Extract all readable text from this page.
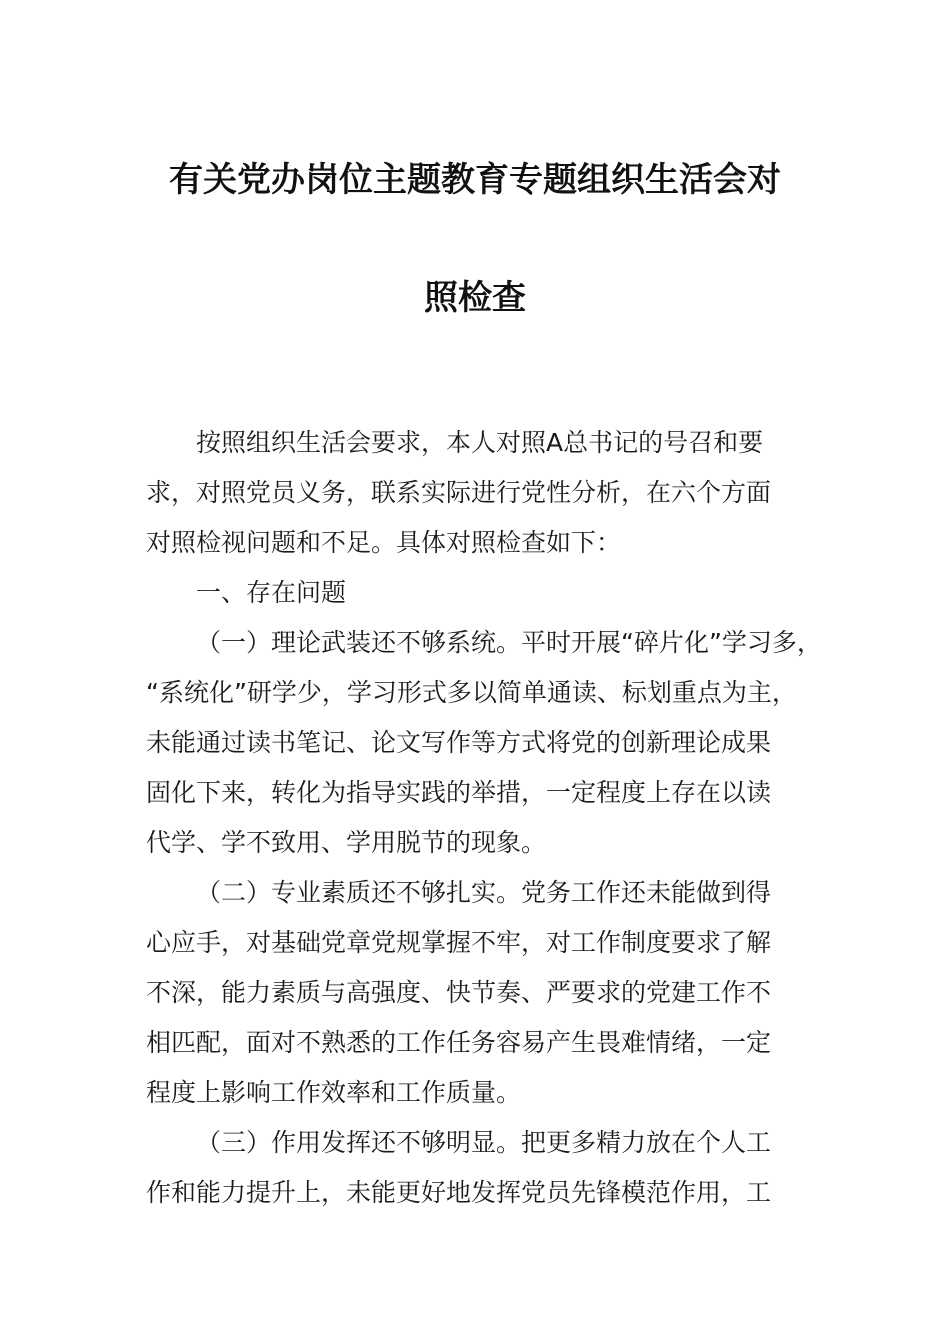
有关党办岗位主题教育专题组织生活会对
照检查
按照组织生活会要求，本人对照A总书记的号召和要
求，对照党员义务，联系实际进行党性分析，在六个方面
对照检视问题和不足。具体对照检查如下：
一、存在问题
（一）理论武装还不够系统。平时开展“碎片化”学习多，
“系统化”研学少，学习形式多以简单通读、标划重点为主，
未能通过读书笔记、论文写作等方式将党的创新理论成果
固化下来，转化为指导实践的举措，一定程度上存在以读
代学、学不致用、学用脱节的现象。
（二）专业素质还不够扎实。党务工作还未能做到得
心应手，对基础党章党规掌握不牢，对工作制度要求了解
不深，能力素质与高强度、快节奏、严要求的党建工作不
相匹配，面对不熟悉的工作任务容易产生畏难情绪，一定
程度上影响工作效率和工作质量。
（三）作用发挥还不够明显。把更多精力放在个人工
作和能力提升上，未能更好地发挥党员先锋模范作用，工
